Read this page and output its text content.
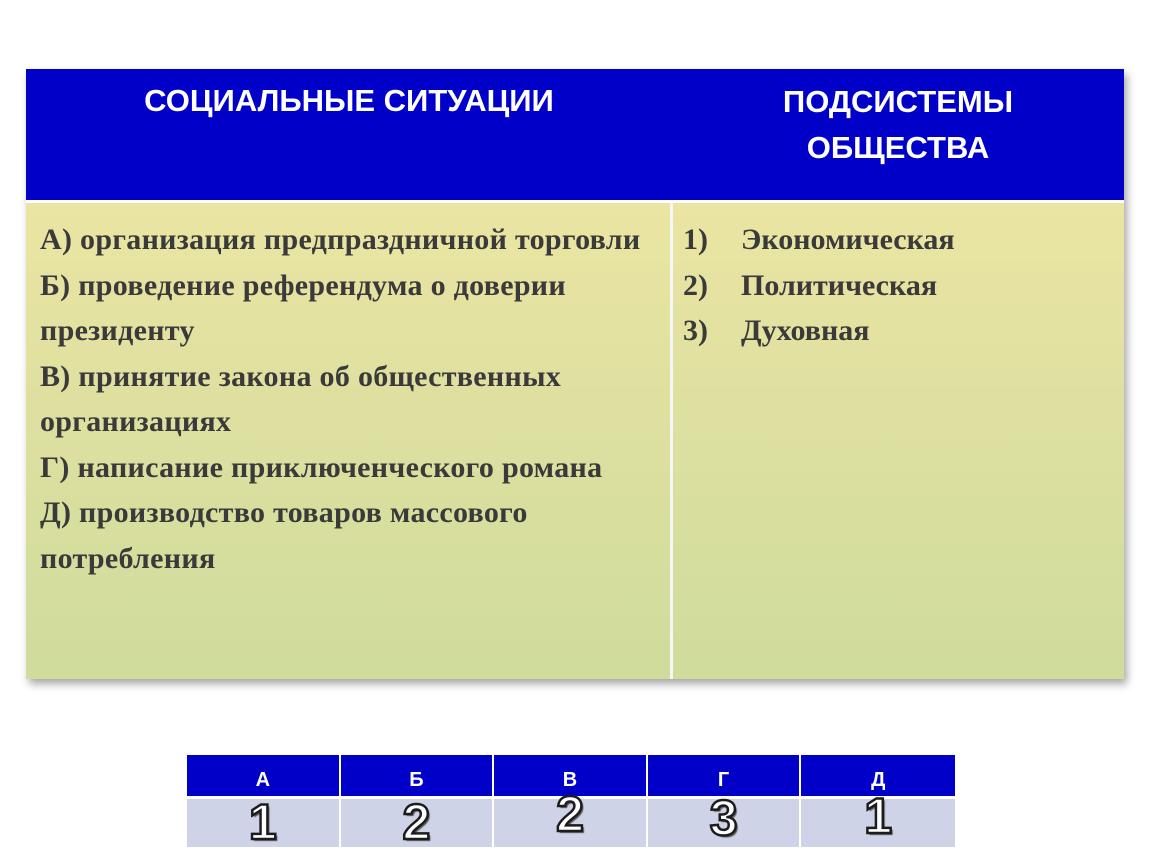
СОЦИАЛЬНЫЕ СИТУАЦИИ	ПОДСИСТЕМЫ
ОБЩЕСТВА
А) организация предпраздничной торговли
Б) проведение референдума о доверии президенту
В) принятие закона об общественных организациях
Г) написание приключенческого романа
Д) производство товаров массового потребления
1) Экономическая
2) Политическая
3) Духовная
А	Б	В	Г	Д
1	2	2	3	1
